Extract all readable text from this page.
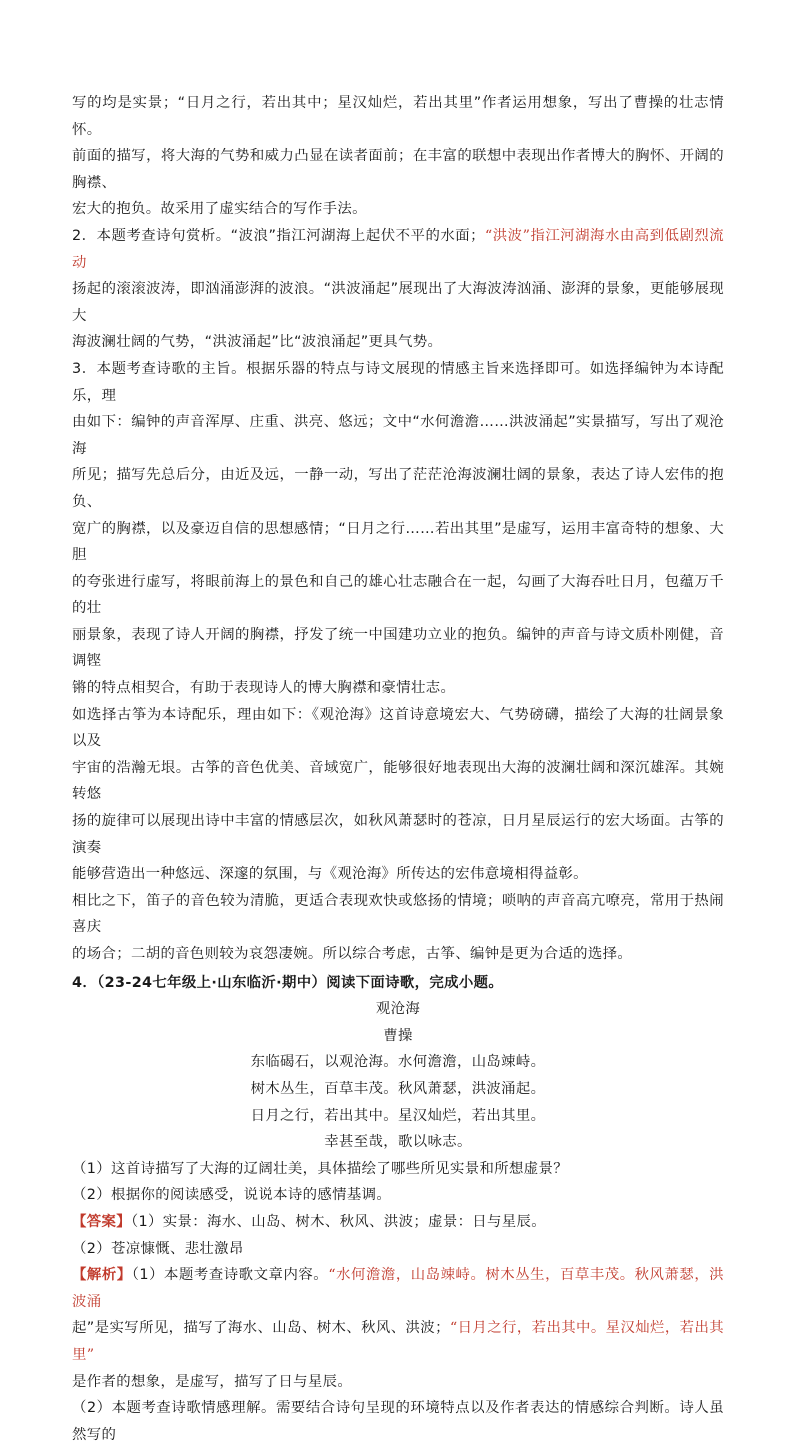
写的均是实景；“日月之行，若出其中；星汉灿烂，若出其里”作者运用想象，写出了曹操的壮志情怀。

前面的描写，将大海的气势和威力凸显在读者面前；在丰富的联想中表现出作者博大的胸怀、开阔的胸襟、

宏大的抱负。故采用了虚实结合的写作手法。

2．本题考查诗句赏析。“波浪”指江河湖海上起伏不平的水面；“洪波”指江河湖海水由高到低剧烈流动

扬起的滚滚波涛，即汹涌澎湃的波浪。“洪波涌起”展现出了大海波涛汹涌、澎湃的景象，更能够展现大

海波澜壮阔的气势，“洪波涌起”比“波浪涌起”更具气势。

3．本题考查诗歌的主旨。根据乐器的特点与诗文展现的情感主旨来选择即可。如选择编钟为本诗配乐，理

由如下：编钟的声音浑厚、庄重、洪亮、悠远；文中“水何澹澹……洪波涌起”实景描写，写出了观沧海

所见；描写先总后分，由近及远，一静一动，写出了茫茫沧海波澜壮阔的景象，表达了诗人宏伟的抱负、

宽广的胸襟，以及豪迈自信的思想感情；“日月之行……若出其里”是虚写，运用丰富奇特的想象、大胆

的夸张进行虚写，将眼前海上的景色和自己的雄心壮志融合在一起，勾画了大海吞吐日月，包蕴万千的壮

丽景象，表现了诗人开阔的胸襟，抒发了统一中国建功立业的抱负。编钟的声音与诗文质朴刚健，音调铿

锵的特点相契合，有助于表现诗人的博大胸襟和豪情壮志。

如选择古筝为本诗配乐，理由如下：《观沧海》这首诗意境宏大、气势磅礴，描绘了大海的壮阔景象以及

宇宙的浩瀚无垠。古筝的音色优美、音域宽广，能够很好地表现出大海的波澜壮阔和深沉雄浑。其婉转悠

扬的旋律可以展现出诗中丰富的情感层次，如秋风萧瑟时的苍凉，日月星辰运行的宏大场面。古筝的演奏

能够营造出一种悠远、深邃的氛围，与《观沧海》所传达的宏伟意境相得益彰。

相比之下，笛子的音色较为清脆，更适合表现欢快或悠扬的情境；唢呐的声音高亢嘹亮，常用于热闹喜庆

的场合；二胡的音色则较为哀怨凄婉。所以综合考虑，古筝、编钟是更为合适的选择。

4．（23-24七年级上·山东临沂·期中）阅读下面诗歌，完成小题。

观沧海

曹操

东临碣石，以观沧海。水何澹澹，山岛竦峙。

树木丛生，百草丰茂。秋风萧瑟，洪波涌起。

日月之行，若出其中。星汉灿烂，若出其里。

幸甚至哉，歌以咏志。

（1）这首诗描写了大海的辽阔壮美，具体描绘了哪些所见实景和所想虚景？

（2）根据你的阅读感受，说说本诗的感情基调。

【答案】（1）实景：海水、山岛、树木、秋风、洪波；虚景：日与星辰。

（2）苍凉慷慨、悲壮激昂

【解析】（1）本题考查诗歌文章内容。“水何澹澹，山岛竦峙。树木丛生，百草丰茂。秋风萧瑟，洪波涌

起”是实写所见，描写了海水、山岛、树木、秋风、洪波；“日月之行，若出其中。星汉灿烂，若出其里”

是作者的想象，是虚写，描写了日与星辰。

（2）本题考查诗歌情感理解。需要结合诗句呈现的环境特点以及作者表达的情感综合判断。诗人虽然写的
